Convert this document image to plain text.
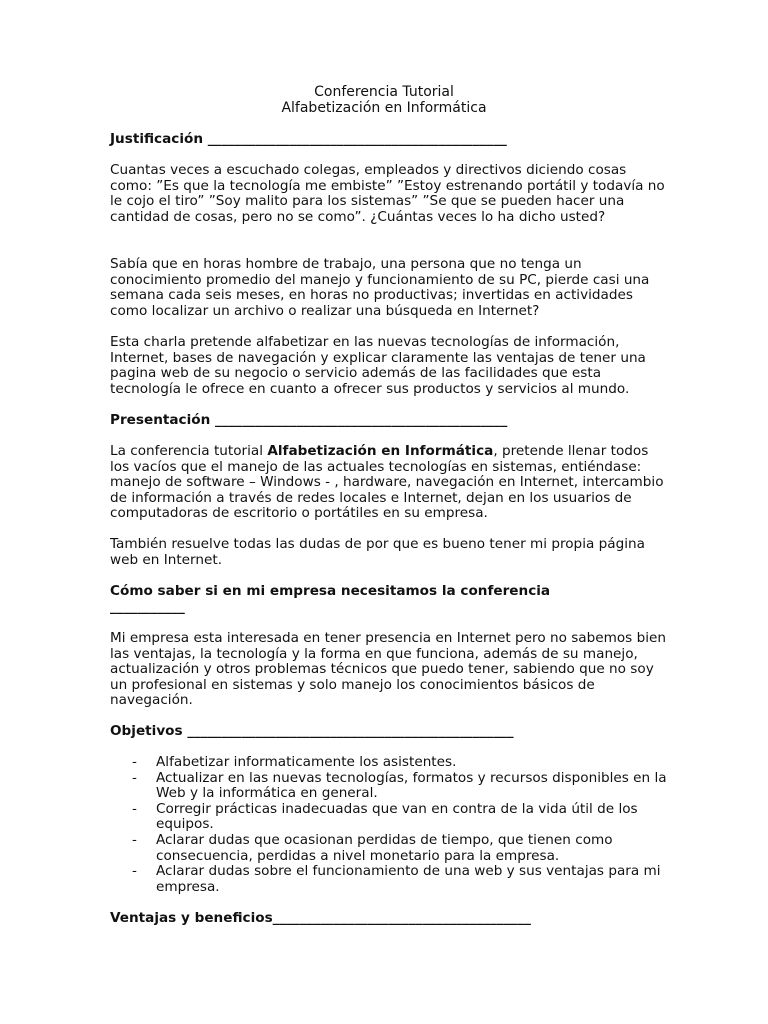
Conferencia Tutorial
Alfabetización en Informática
Justificación ____________________________________________

Cuantas veces a escuchado colegas, empleados y directivos diciendo cosas como: ”Es que la tecnología me embiste” ”Estoy estrenando portátil y todavía no le cojo el tiro” ”Soy malito para los sistemas” ”Se que se pueden hacer una cantidad de cosas, pero no se como”. ¿Cuántas veces lo ha dicho usted?

Sabía que en horas hombre de trabajo, una persona que no tenga un conocimiento promedio del manejo y funcionamiento de su PC, pierde casi una semana cada seis meses, en horas no productivas; invertidas en actividades como localizar un archivo o realizar una búsqueda en Internet?

Esta charla pretende alfabetizar en las nuevas tecnologías de información, Internet, bases de navegación y explicar claramente las ventajas de tener una pagina web de su negocio o servicio además de las facilidades que esta tecnología le ofrece en cuanto a ofrecer sus productos y servicios al mundo.

Presentación ___________________________________________

La conferencia tutorial Alfabetización en Informática, pretende llenar todos los vacíos que el manejo de las actuales tecnologías en sistemas, entiéndase: manejo de software – Windows - , hardware, navegación en Internet, intercambio de información a través de redes locales e Internet, dejan en los usuarios de computadoras de escritorio o portátiles en su empresa.

También resuelve todas las dudas de por que es bueno tener mi propia página web en Internet.

Cómo saber si en mi empresa necesitamos la conferencia
___________

Mi empresa esta interesada en tener presencia en Internet pero no sabemos bien las ventajas, la tecnología y la forma en que funciona, además de su manejo, actualización y otros problemas técnicos que puedo tener, sabiendo que no soy un profesional en sistemas y solo manejo los conocimientos básicos de navegación.

Objetivos ________________________________________________
- Alfabetizar informaticamente los asistentes.
- Actualizar en las nuevas tecnologías, formatos y recursos disponibles en la Web y la informática en general.
- Corregir prácticas inadecuadas que van en contra de la vida útil de los equipos.
- Aclarar dudas que ocasionan perdidas de tiempo, que tienen como consecuencia, perdidas a nivel monetario para la empresa.
- Aclarar dudas sobre el funcionamiento de una web y sus ventajas para mi empresa.
Ventajas y beneficios______________________________________
